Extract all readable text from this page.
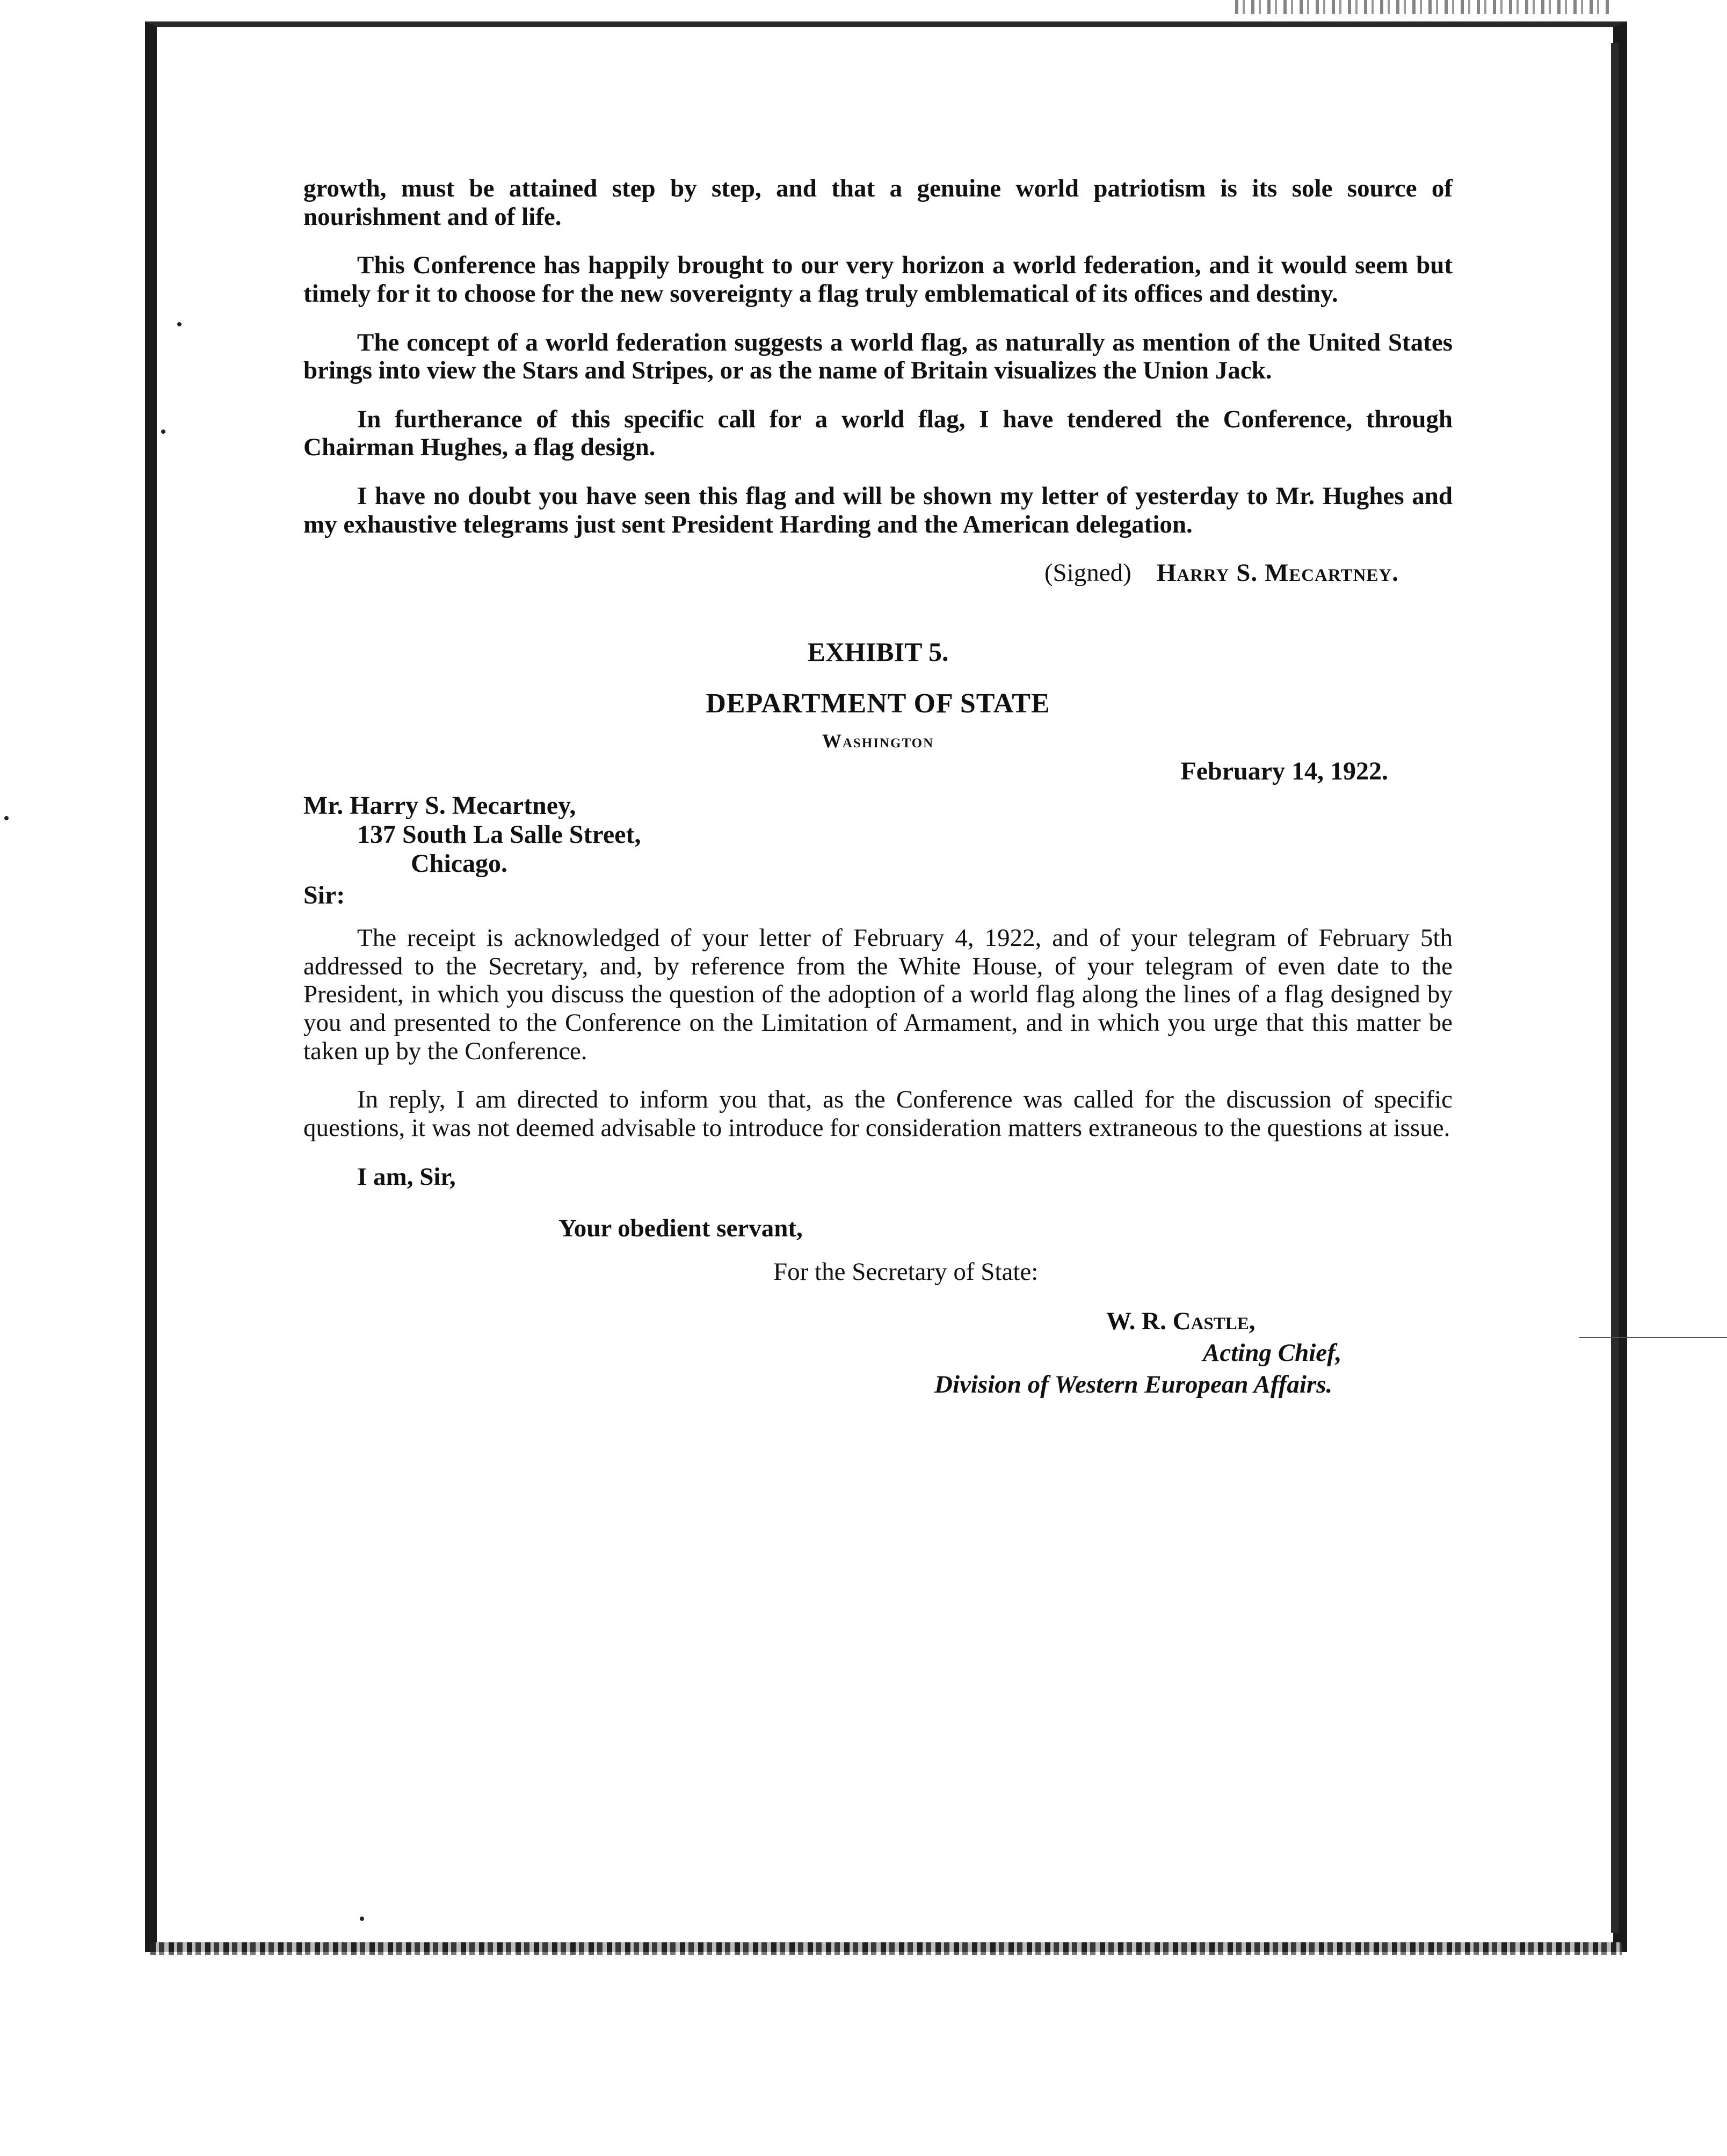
growth, must be attained step by step, and that a genuine world patriotism is its sole source of nourishment and of life.

This Conference has happily brought to our very horizon a world federation, and it would seem but timely for it to choose for the new sovereignty a flag truly emblematical of its offices and destiny.

The concept of a world federation suggests a world flag, as naturally as mention of the United States brings into view the Stars and Stripes, or as the name of Britain visualizes the Union Jack.

In furtherance of this specific call for a world flag, I have tendered the Conference, through Chairman Hughes, a flag design.

I have no doubt you have seen this flag and will be shown my letter of yesterday to Mr. Hughes and my exhaustive telegrams just sent President Harding and the American delegation.

(Signed) Harry S. Mecartney.
EXHIBIT 5.
DEPARTMENT OF STATE
Washington
February 14, 1922.
Mr. Harry S. Mecartney,
137 South La Salle Street,
Chicago.
Sir:

The receipt is acknowledged of your letter of February 4, 1922, and of your telegram of February 5th addressed to the Secretary, and, by reference from the White House, of your telegram of even date to the President, in which you discuss the question of the adoption of a world flag along the lines of a flag designed by you and presented to the Conference on the Limitation of Armament, and in which you urge that this matter be taken up by the Conference.

In reply, I am directed to inform you that, as the Conference was called for the discussion of specific questions, it was not deemed advisable to introduce for consideration matters extraneous to the questions at issue.

I am, Sir,
Your obedient servant,
For the Secretary of State:
W. R. Castle,
Acting Chief,
Division of Western European Affairs.
